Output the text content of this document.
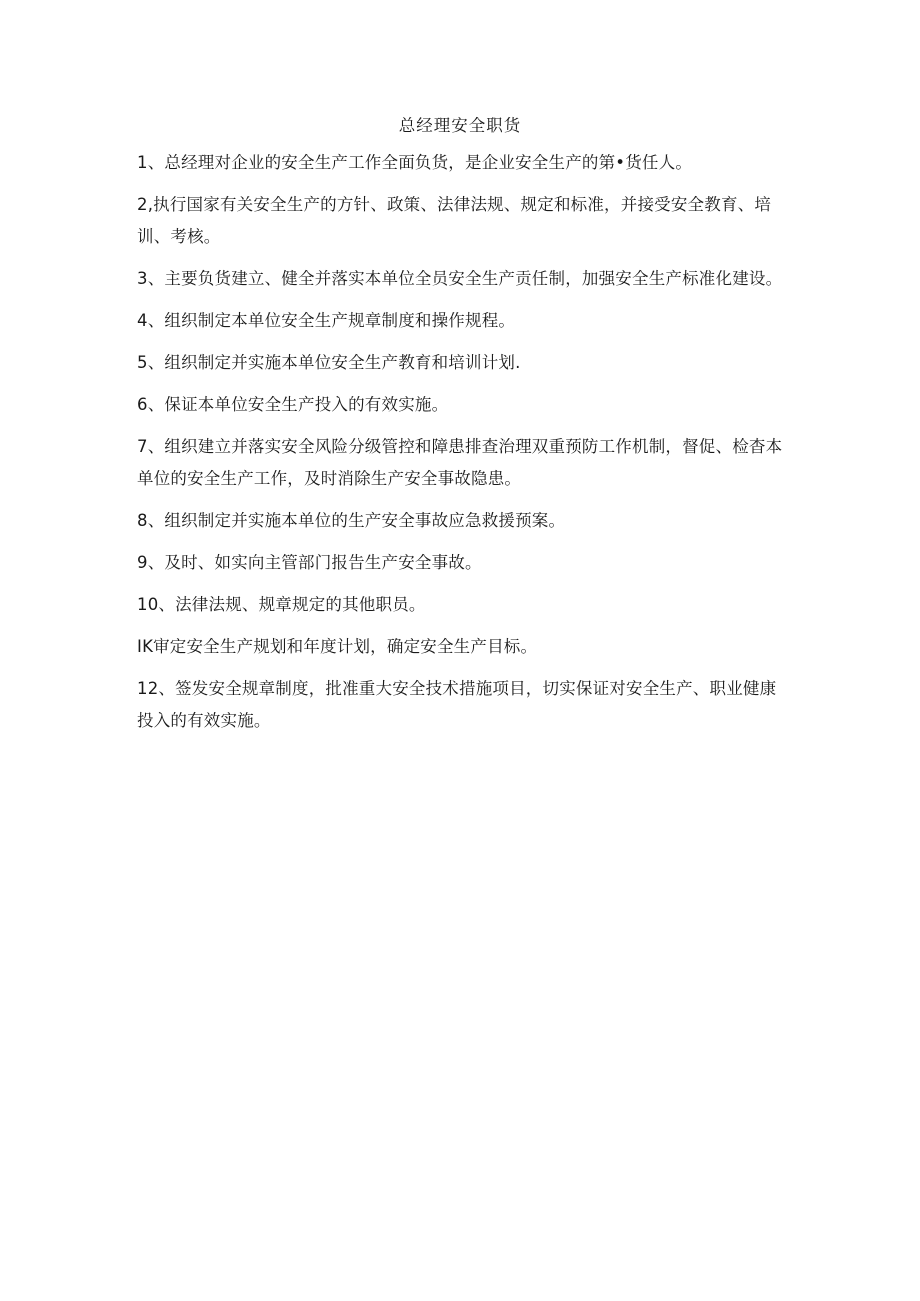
总经理安全职货

1、总经理对企业的安全生产工作全面负货，是企业安全生产的第•货任人。

2,执行国家有关安全生产的方针、政策、法律法规、规定和标准，并接受安全教育、培训、考核。

3、主要负货建立、健全并落实本单位全员安全生产贡任制，加强安全生产标准化建设。

4、组织制定本单位安全生产规章制度和操作规程。

5、组织制定并实施本单位安全生产教育和培训计划.

6、保证本单位安全生产投入的有效实施。

7、组织建立并落实安全风险分级管控和障患排查治理双重预防工作机制，督促、检杳本单位的安全生产工作，及时消除生产安全事故隐患。

8、组织制定并实施本单位的生产安全事故应急救援预案。

9、及时、如实向主管部门报告生产安全事故。

10、法律法规、规章规定的其他职员。

IK审定安全生产规划和年度计划，确定安全生产目标。

12、签发安全规章制度，批准重大安全技术措施项目，切实保证对安全生产、职业健康投入的有效实施。
